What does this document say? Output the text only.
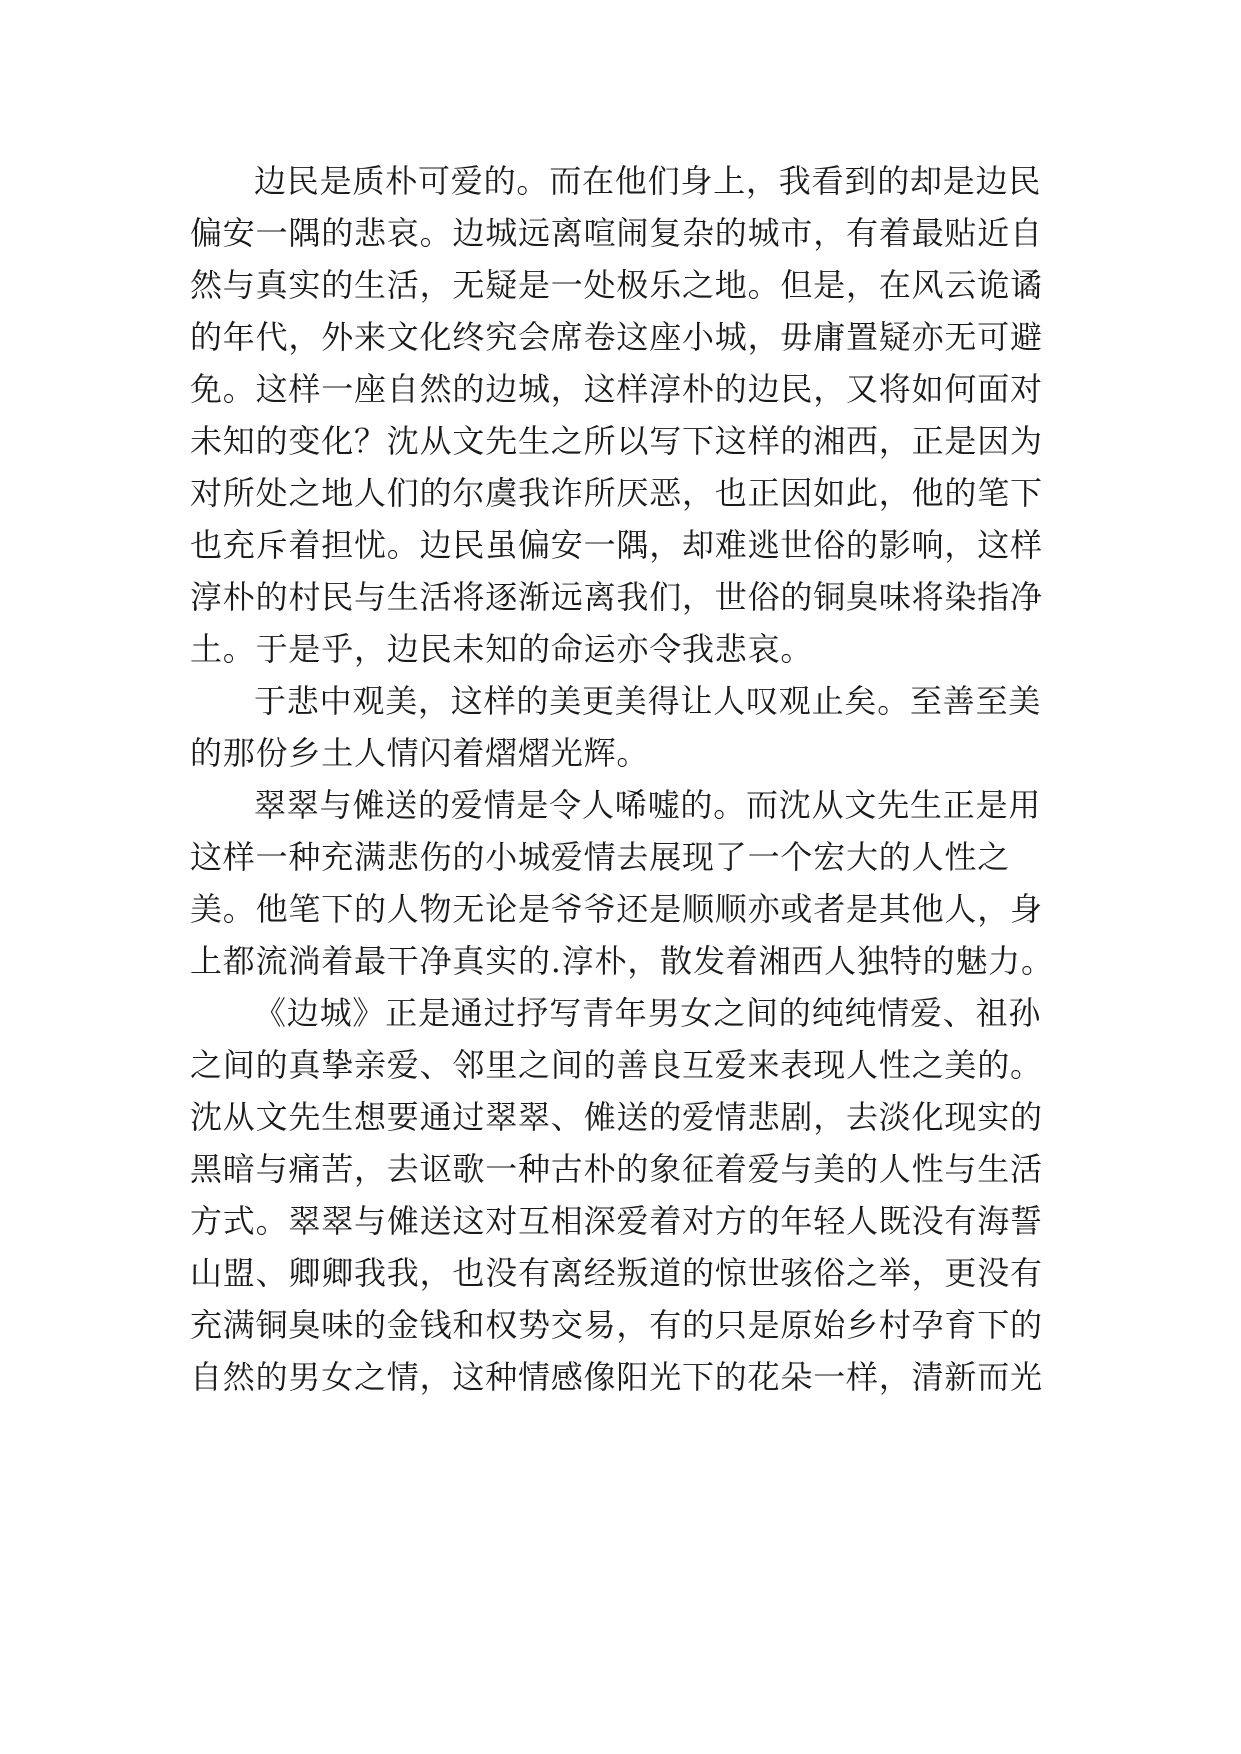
边民是质朴可爱的。而在他们身上，我看到的却是边民
偏安一隅的悲哀。边城远离喧闹复杂的城市，有着最贴近自
然与真实的生活，无疑是一处极乐之地。但是，在风云诡谲
的年代，外来文化终究会席卷这座小城，毋庸置疑亦无可避
免。这样一座自然的边城，这样淳朴的边民，又将如何面对
未知的变化？沈从文先生之所以写下这样的湘西，正是因为
对所处之地人们的尔虞我诈所厌恶，也正因如此，他的笔下
也充斥着担忧。边民虽偏安一隅，却难逃世俗的影响，这样
淳朴的村民与生活将逐渐远离我们，世俗的铜臭味将染指净
土。于是乎，边民未知的命运亦令我悲哀。
于悲中观美，这样的美更美得让人叹观止矣。至善至美
的那份乡土人情闪着熠熠光辉。
翠翠与傩送的爱情是令人唏嘘的。而沈从文先生正是用
这样一种充满悲伤的小城爱情去展现了一个宏大的人性之
美。他笔下的人物无论是爷爷还是顺顺亦或者是其他人，身
上都流淌着最干净真实的.淳朴，散发着湘西人独特的魅力。
《边城》正是通过抒写青年男女之间的纯纯情爱、祖孙
之间的真挚亲爱、邻里之间的善良互爱来表现人性之美的。
沈从文先生想要通过翠翠、傩送的爱情悲剧，去淡化现实的
黑暗与痛苦，去讴歌一种古朴的象征着爱与美的人性与生活
方式。翠翠与傩送这对互相深爱着对方的年轻人既没有海誓
山盟、卿卿我我，也没有离经叛道的惊世骇俗之举，更没有
充满铜臭味的金钱和权势交易，有的只是原始乡村孕育下的
自然的男女之情，这种情感像阳光下的花朵一样，清新而光
